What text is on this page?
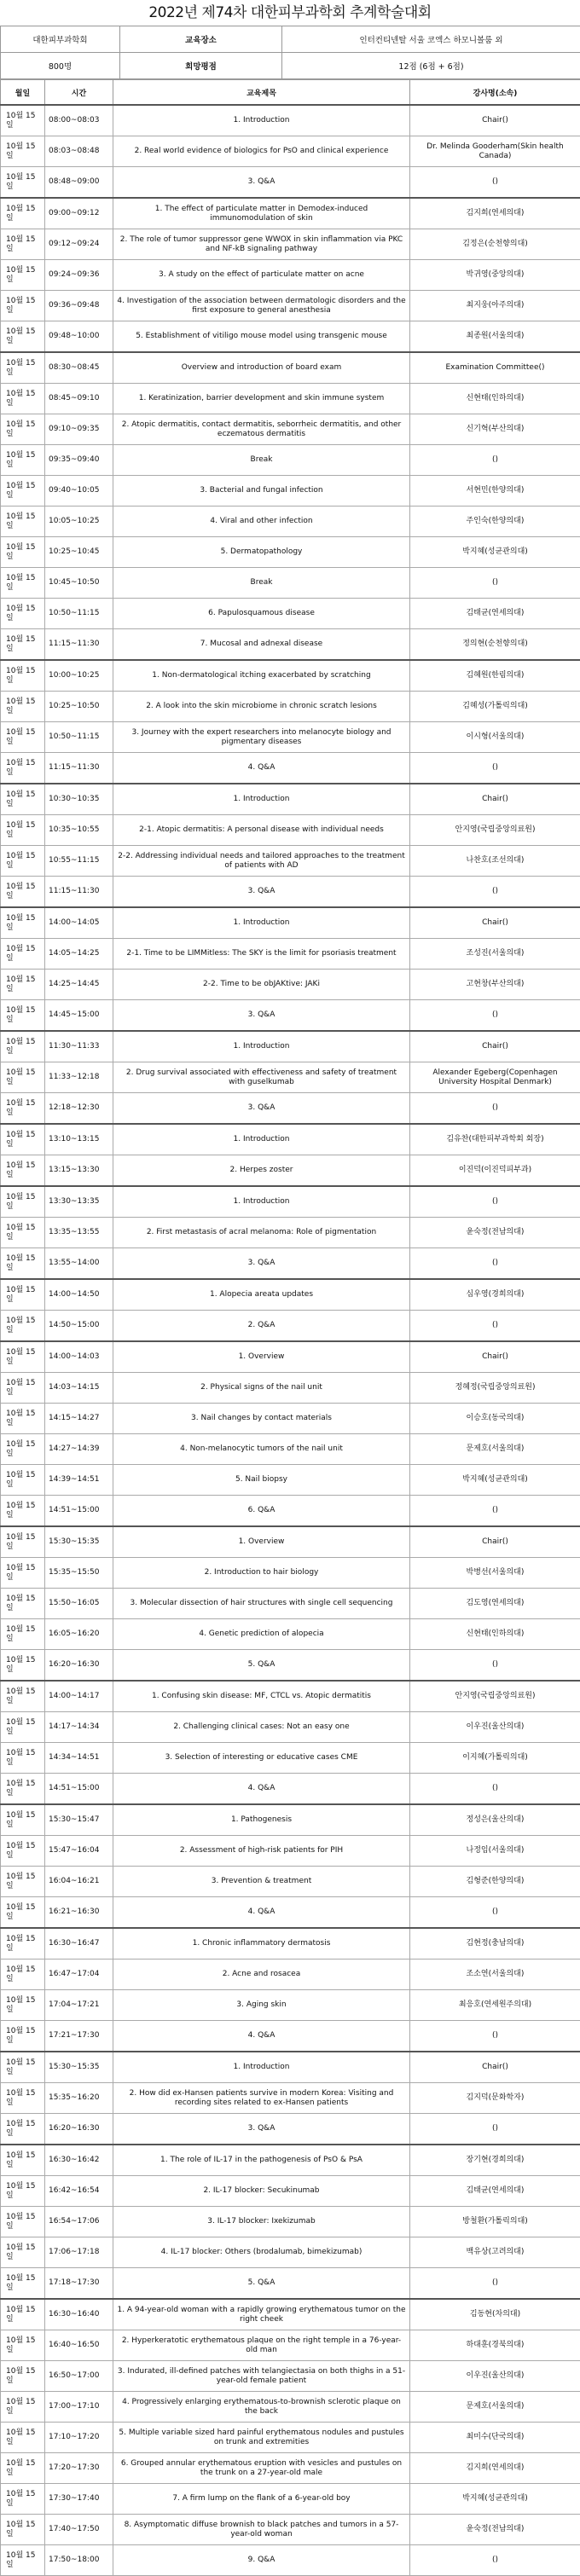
2022년 제74차 대한피부과학회 추계학술대회
대한피부과학회	교육장소	인터컨티넨탈 서울 코엑스 하모니볼룸 외
800명	희망평점	12점 (6점 + 6점)
월일	시간	교육제목	강사명(소속)
10월 15일	08:00~08:03	1. Introduction	Chair()
10월 15일	08:03~08:48	2. Real world evidence of biologics for PsO and clinical experience	Dr. Melinda Gooderham(Skin health Canada)
10월 15일	08:48~09:00	3. Q&A	()
10월 15일	09:00~09:12	1. The effect of particulate matter in Demodex-induced immunomodulation of skin	김지희(연세의대)
10월 15일	09:12~09:24	2. The role of tumor suppressor gene WWOX in skin inflammation via PKC and NF-kB signaling pathway	김정은(순천향의대)
10월 15일	09:24~09:36	3. A study on the effect of particulate matter on acne	박귀영(중앙의대)
10월 15일	09:36~09:48	4. Investigation of the association between dermatologic disorders and the first exposure to general anesthesia	최지웅(아주의대)
10월 15일	09:48~10:00	5. Establishment of vitiligo mouse model using transgenic mouse	최종원(서울의대)
10월 15일	08:30~08:45	Overview and introduction of board exam	Examination Committee()
10월 15일	08:45~09:10	1. Keratinization, barrier development and skin immune system	신현태(인하의대)
10월 15일	09:10~09:35	2. Atopic dermatitis, contact dermatitis, seborrheic dermatitis, and other eczematous dermatitis	신기혁(부산의대)
10월 15일	09:35~09:40	Break	()
10월 15일	09:40~10:05	3. Bacterial and fungal infection	서현민(한양의대)
10월 15일	10:05~10:25	4. Viral and other infection	주인숙(한양의대)
10월 15일	10:25~10:45	5. Dermatopathology	박지혜(성균관의대)
10월 15일	10:45~10:50	Break	()
10월 15일	10:50~11:15	6. Papulosquamous disease	김태균(연세의대)
10월 15일	11:15~11:30	7. Mucosal and adnexal disease	정의현(순천향의대)
10월 15일	10:00~10:25	1. Non-dermatological itching exacerbated by scratching	김혜원(한림의대)
10월 15일	10:25~10:50	2. A look into the skin microbiome in chronic scratch lesions	김혜성(가톨릭의대)
10월 15일	10:50~11:15	3. Journey with the expert researchers into melanocyte biology and pigmentary diseases	이시형(서울의대)
10월 15일	11:15~11:30	4. Q&A	()
10월 15일	10:30~10:35	1. Introduction	Chair()
10월 15일	10:35~10:55	2-1. Atopic dermatitis: A personal disease with individual needs	안지영(국립중앙의료원)
10월 15일	10:55~11:15	2-2. Addressing individual needs and tailored approaches to the treatment of patients with AD	나찬호(조선의대)
10월 15일	11:15~11:30	3. Q&A	()
10월 15일	14:00~14:05	1. Introduction	Chair()
10월 15일	14:05~14:25	2-1. Time to be LIMMitless: The SKY is the limit for psoriasis treatment	조성진(서울의대)
10월 15일	14:25~14:45	2-2. Time to be obJAKtive: JAKi	고현창(부산의대)
10월 15일	14:45~15:00	3. Q&A	()
10월 15일	11:30~11:33	1. Introduction	Chair()
10월 15일	11:33~12:18	2. Drug survival associated with effectiveness and safety of treatment with guselkumab	Alexander Egeberg(Copenhagen University Hospital Denmark)
10월 15일	12:18~12:30	3. Q&A	()
10월 15일	13:10~13:15	1. Introduction	김유찬(대한피부과학회 회장)
10월 15일	13:15~13:30	2. Herpes zoster	이진덕(이진덕피부과)
10월 15일	13:30~13:35	1. Introduction	()
10월 15일	13:35~13:55	2. First metastasis of acral melanoma: Role of pigmentation	윤숙정(전남의대)
10월 15일	13:55~14:00	3. Q&A	()
10월 15일	14:00~14:50	1. Alopecia areata updates	심우영(경희의대)
10월 15일	14:50~15:00	2. Q&A	()
10월 15일	14:00~14:03	1. Overview	Chair()
10월 15일	14:03~14:15	2. Physical signs of the nail unit	정혜정(국립중앙의료원)
10월 15일	14:15~14:27	3. Nail changes by contact materials	이승호(동국의대)
10월 15일	14:27~14:39	4. Non-melanocytic tumors of the nail unit	문제호(서울의대)
10월 15일	14:39~14:51	5. Nail biopsy	박지혜(성균관의대)
10월 15일	14:51~15:00	6. Q&A	()
10월 15일	15:30~15:35	1. Overview	Chair()
10월 15일	15:35~15:50	2. Introduction to hair biology	박병선(서울의대)
10월 15일	15:50~16:05	3. Molecular dissection of hair structures with single cell sequencing	김도영(연세의대)
10월 15일	16:05~16:20	4. Genetic prediction of alopecia	신현태(인하의대)
10월 15일	16:20~16:30	5. Q&A	()
10월 15일	14:00~14:17	1. Confusing skin disease: MF, CTCL vs. Atopic dermatitis	안지영(국립중앙의료원)
10월 15일	14:17~14:34	2. Challenging clinical cases: Not an easy one	이우진(울산의대)
10월 15일	14:34~14:51	3. Selection of interesting or educative cases CME	이지혜(가톨릭의대)
10월 15일	14:51~15:00	4. Q&A	()
10월 15일	15:30~15:47	1. Pathogenesis	정성은(울산의대)
10월 15일	15:47~16:04	2. Assessment of high-risk patients for PIH	나정임(서울의대)
10월 15일	16:04~16:21	3. Prevention & treatment	김형준(한양의대)
10월 15일	16:21~16:30	4. Q&A	()
10월 15일	16:30~16:47	1. Chronic inflammatory dermatosis	김현정(충남의대)
10월 15일	16:47~17:04	2. Acne and rosacea	조소연(서울의대)
10월 15일	17:04~17:21	3. Aging skin	최응호(연세원주의대)
10월 15일	17:21~17:30	4. Q&A	()
10월 15일	15:30~15:35	1. Introduction	Chair()
10월 15일	15:35~16:20	2. How did ex-Hansen patients survive in modern Korea: Visiting and recording sites related to ex-Hansen patients	김지덕(문화학자)
10월 15일	16:20~16:30	3. Q&A	()
10월 15일	16:30~16:42	1. The role of IL-17 in the pathogenesis of PsO & PsA	장기현(경희의대)
10월 15일	16:42~16:54	2. IL-17 blocker: Secukinumab	김태균(연세의대)
10월 15일	16:54~17:06	3. IL-17 blocker: Ixekizumab	방철환(가톨릭의대)
10월 15일	17:06~17:18	4. IL-17 blocker: Others (brodalumab, bimekizumab)	백유상(고려의대)
10월 15일	17:18~17:30	5. Q&A	()
10월 15일	16:30~16:40	1. A 94-year-old woman with a rapidly growing erythematous tumor on the right cheek	김동현(차의대)
10월 15일	16:40~16:50	2. Hyperkeratotic erythematous plaque on the right temple in a 76-year-old man	하대훈(경북의대)
10월 15일	16:50~17:00	3. Indurated, ill-defined patches with telangiectasia on both thighs in a 51-year-old female patient	이우진(울산의대)
10월 15일	17:00~17:10	4. Progressively enlarging erythematous-to-brownish sclerotic plaque on the back	문제호(서울의대)
10월 15일	17:10~17:20	5. Multiple variable sized hard painful erythematous nodules and pustules on trunk and extremities	최미수(단국의대)
10월 15일	17:20~17:30	6. Grouped annular erythematous eruption with vesicles and pustules on the trunk on a 27-year-old male	김지희(연세의대)
10월 15일	17:30~17:40	7. A firm lump on the flank of a 6-year-old boy	박지혜(성균관의대)
10월 15일	17:40~17:50	8. Asymptomatic diffuse brownish to black patches and tumors in a 57-year-old woman	윤숙정(전남의대)
10월 15일	17:50~18:00	9. Q&A	()
